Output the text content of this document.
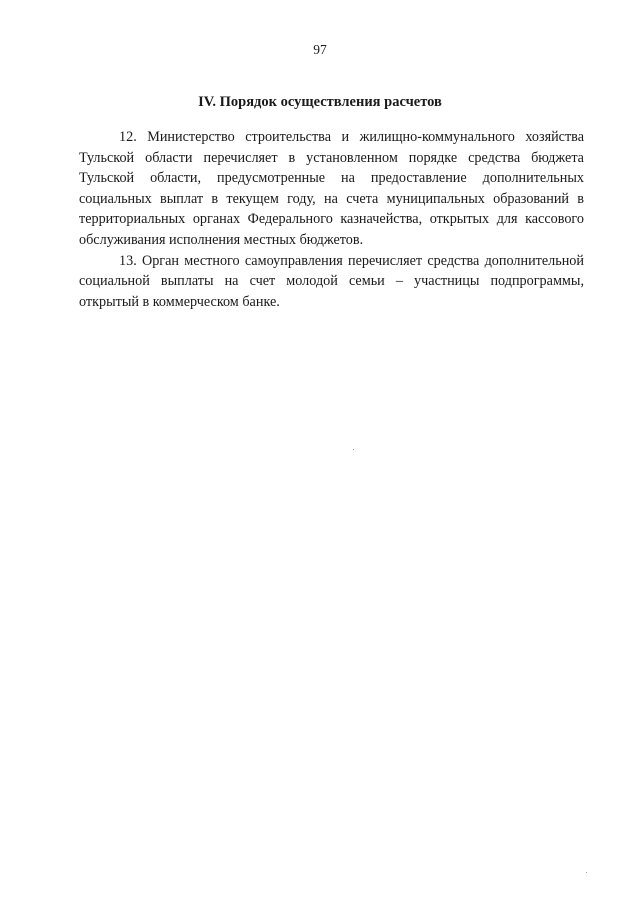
97
IV. Порядок осуществления расчетов

12. Министерство строительства и жилищно-коммунального хозяйства Тульской области перечисляет в установленном порядке средства бюджета Тульской области, предусмотренные на предоставление дополнительных социальных выплат в текущем году, на счета муниципальных образований в территориальных органах Федерального казначейства, открытых для кассового обслуживания исполнения местных бюджетов.

13. Орган местного самоуправления перечисляет средства дополнительной социальной выплаты на счет молодой семьи – участницы подпрограммы, открытый в коммерческом банке.
